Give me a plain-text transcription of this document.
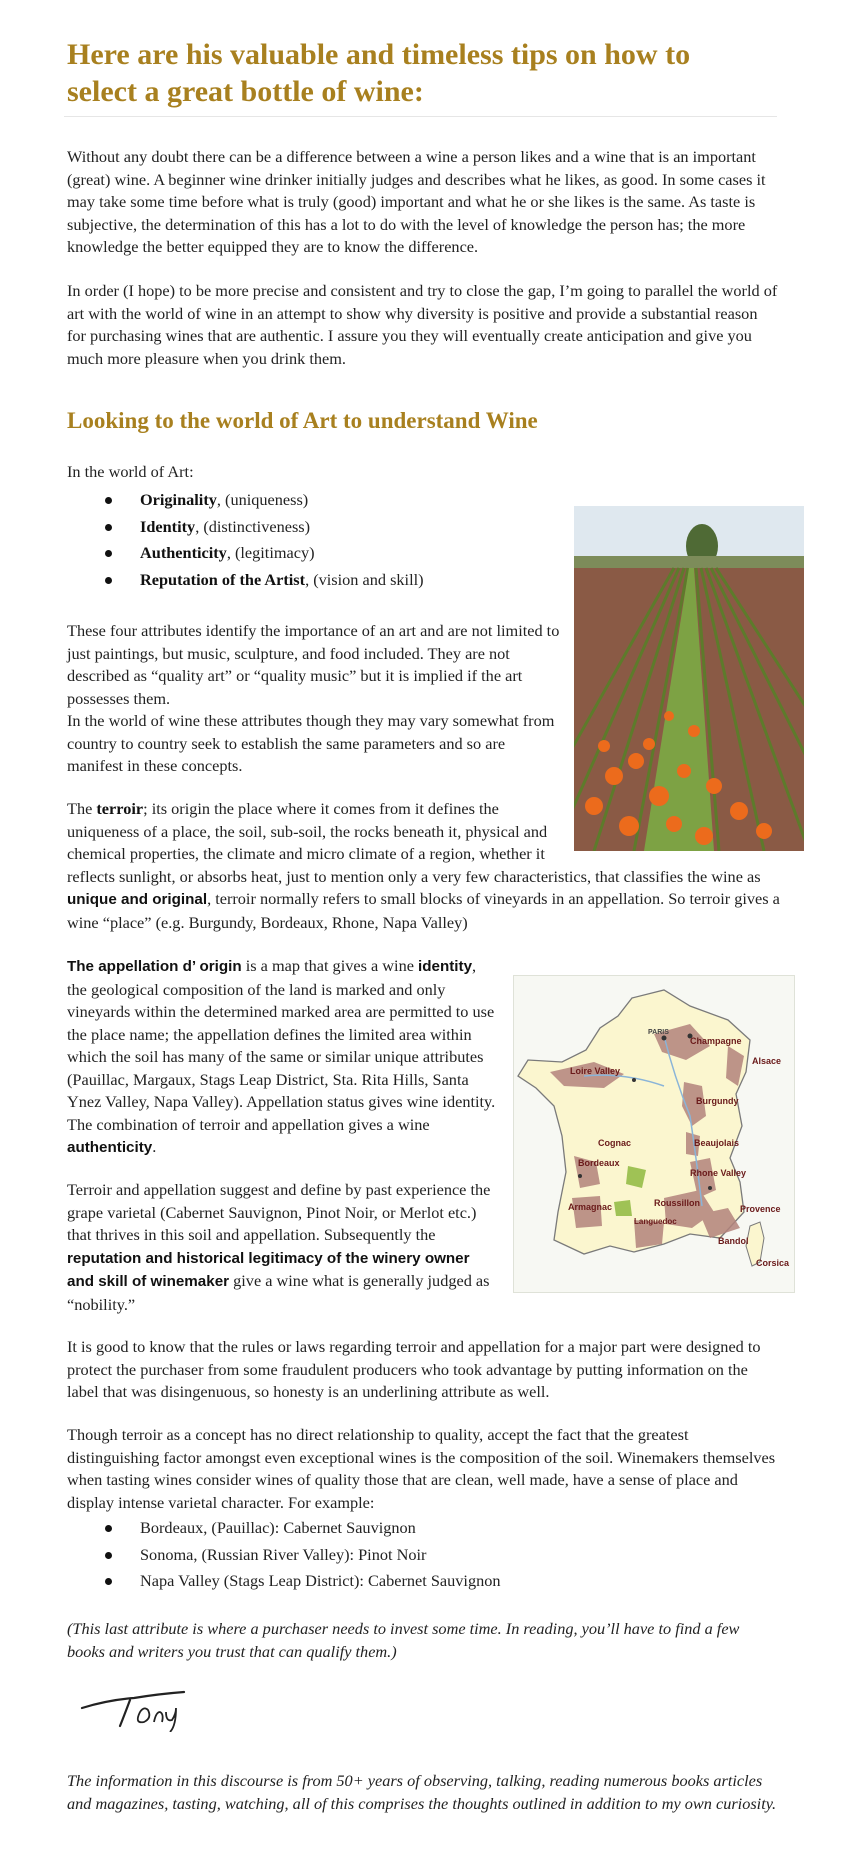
Here are his valuable and timeless tips on how to select a great bottle of wine:

Without any doubt there can be a difference between a wine a person likes and a wine that is an important (great) wine. A beginner wine drinker initially judges and describes what he likes, as good. In some cases it may take some time before what is truly (good) important and what he or she likes is the same. As taste is subjective, the determination of this has a lot to do with the level of knowledge the person has; the more knowledge the better equipped they are to know the difference.

In order (I hope) to be more precise and consistent and try to close the gap, I’m going to parallel the world of art with the world of wine in an attempt to show why diversity is positive and provide a substantial reason for purchasing wines that are authentic. I assure you they will eventually create anticipation and give you much more pleasure when you drink them.

Looking to the world of Art to understand Wine

In the world of Art:

Originality, (uniqueness)
Identity, (distinctiveness)
Authenticity, (legitimacy)
Reputation of the Artist, (vision and skill)

These four attributes identify the importance of an art and are not limited to just paintings, but music, sculpture, and food included. They are not described as “quality art” or “quality music” but it is implied if the art possesses them.

In the world of wine these attributes though they may vary somewhat from country to country seek to establish the same parameters and so are manifest in these concepts.

The terroir; its origin the place where it comes from it defines the uniqueness of a place, the soil, sub-soil, the rocks beneath it, physical and chemical properties, the climate and micro climate of a region, whether it reflects sunlight, or absorbs heat, just to mention only a very few characteristics, that classifies the wine as unique and original, terroir normally refers to small blocks of vineyards in an appellation. So terroir gives a wine “place” (e.g. Burgundy, Bordeaux, Rhone, Napa Valley)
The appellation d’ origin is a map that gives a wine identity, the geological composition of the land is marked and only vineyards within the determined marked area are permitted to use the place name; the appellation defines the limited area within which the soil has many of the same or similar unique attributes (Pauillac, Margaux, Stags Leap District, Sta. Rita Hills, Santa Ynez Valley, Napa Valley). Appellation status gives wine identity. The combination of terroir and appellation gives a wine authenticity.
PARIS
Champagne
Alsace
Loire Valley
Burgundy
Beaujolais
Cognac
Bordeaux
Rhone Valley
Armagnac	Roussillon
Languedoc
Provence
Bandol
Corsica
Terroir and appellation suggest and define by past experience the grape varietal (Cabernet Sauvignon, Pinot Noir, or Merlot etc.) that thrives in this soil and appellation. Subsequently the reputation and historical legitimacy of the winery owner and skill of winemaker give a wine what is generally judged as “nobility.”

It is good to know that the rules or laws regarding terroir and appellation for a major part were designed to protect the purchaser from some fraudulent producers who took advantage by putting information on the label that was disingenuous, so honesty is an underlining attribute as well.

Though terroir as a concept has no direct relationship to quality, accept the fact that the greatest distinguishing factor amongst even exceptional wines is the composition of the soil. Winemakers themselves when tasting wines consider wines of quality those that are clean, well made, have a sense of place and display intense varietal character. For example:

Bordeaux, (Pauillac): Cabernet Sauvignon
Sonoma, (Russian River Valley): Pinot Noir
Napa Valley (Stags Leap District): Cabernet Sauvignon

(This last attribute is where a purchaser needs to invest some time. In reading, you’ll have to find a few books and writers you trust that can qualify them.)

The information in this discourse is from 50+ years of observing, talking, reading numerous books articles and magazines, tasting, watching, all of this comprises the thoughts outlined in addition to my own curiosity.
